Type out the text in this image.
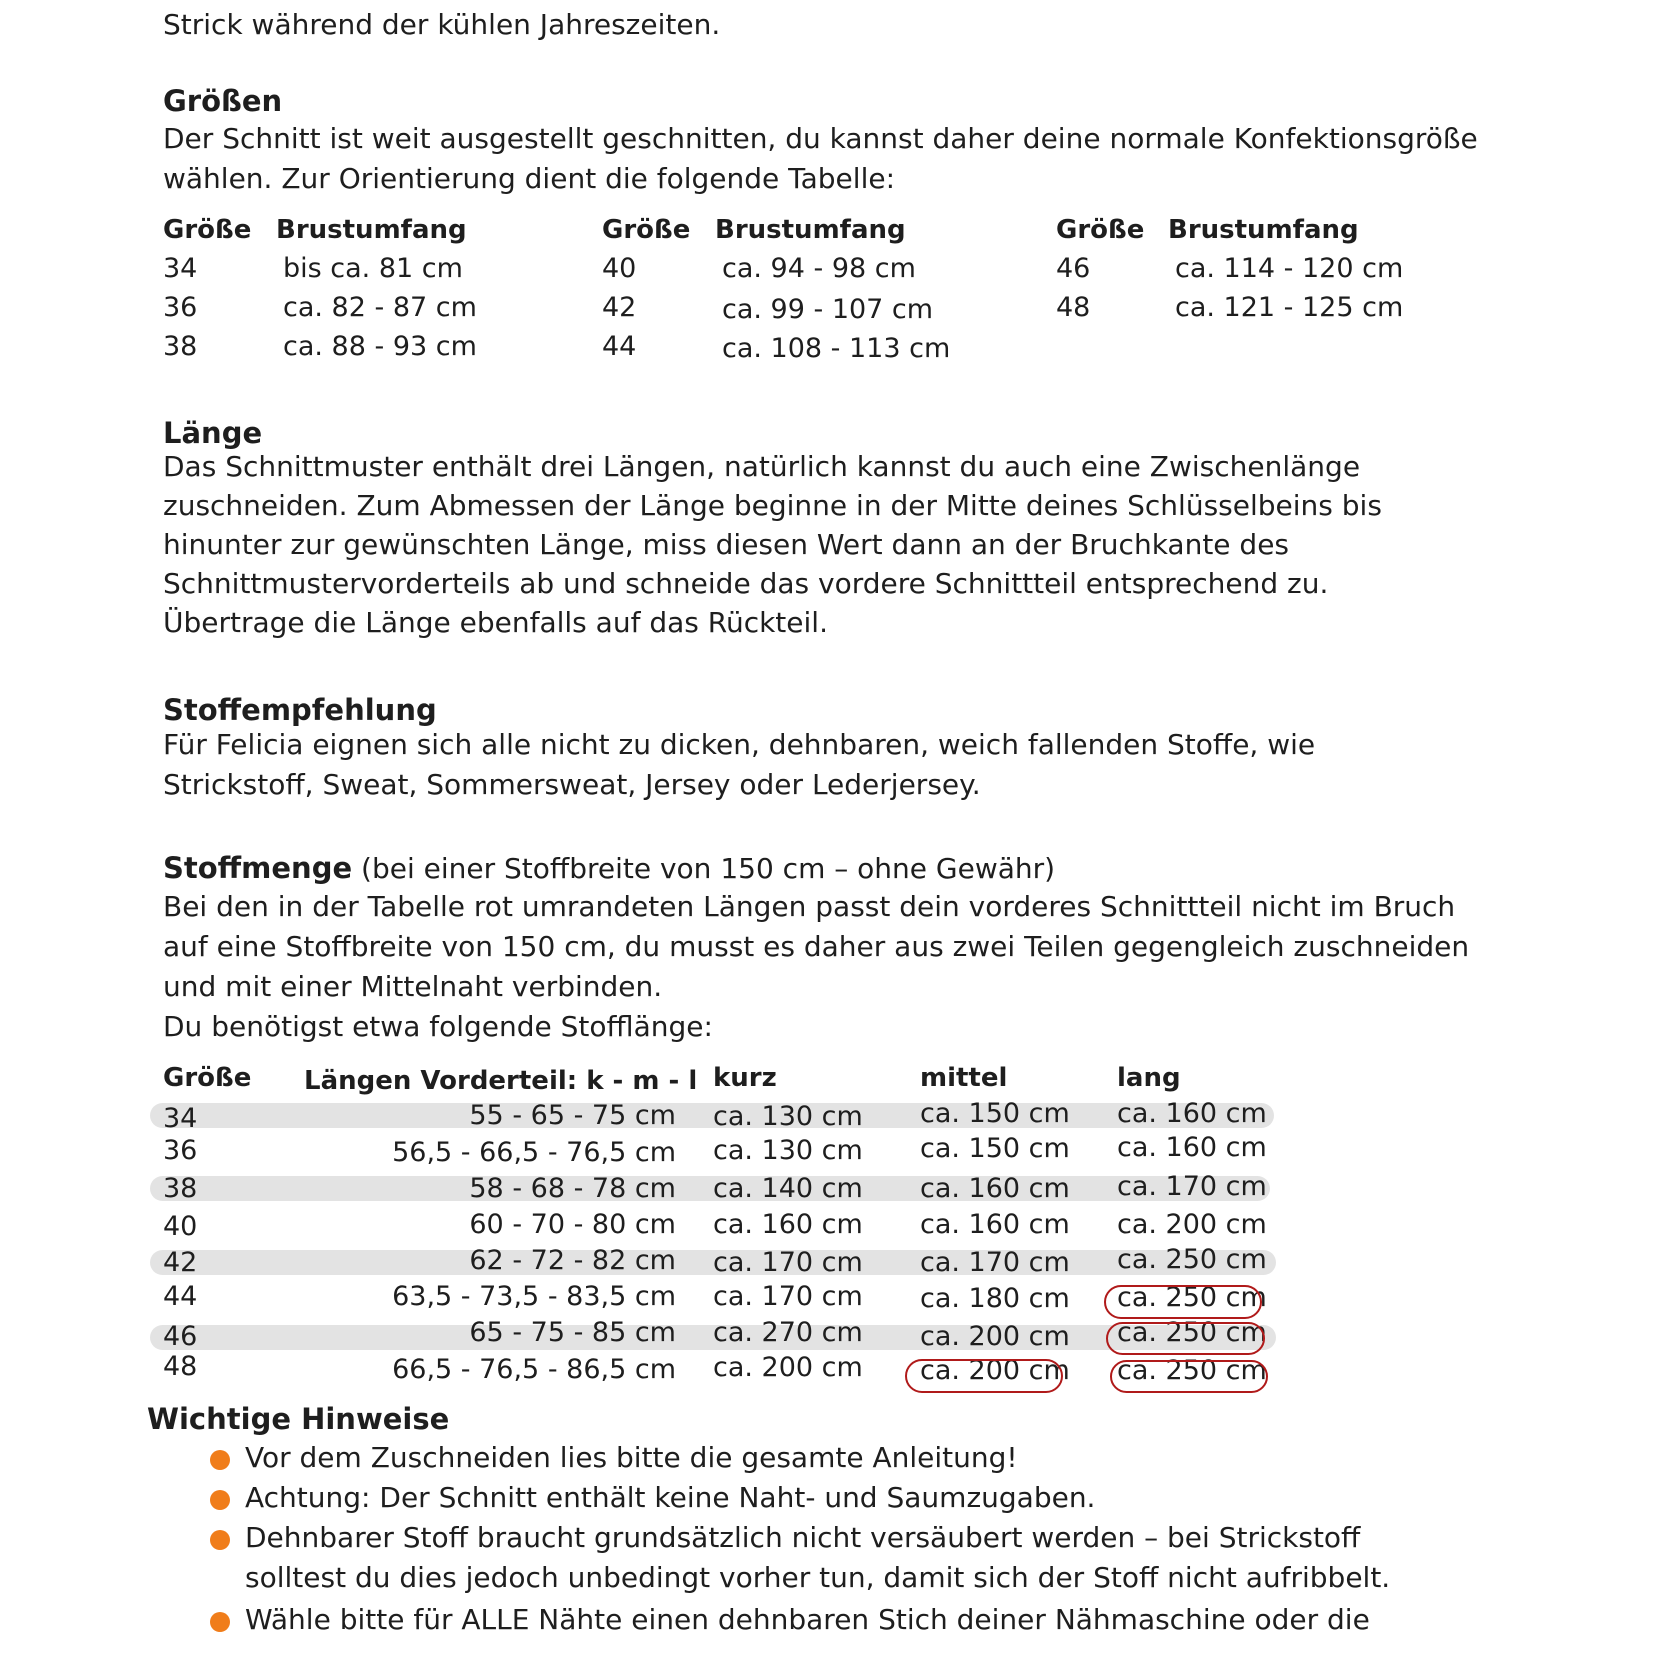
Strick während der kühlen Jahreszeiten.
Größen
Der Schnitt ist weit ausgestellt geschnitten, du kannst daher deine normale Konfektionsgröße
wählen. Zur Orientierung dient die folgende Tabelle:
Größe Brustumfang	Größe Brustumfang	Größe Brustumfang
34	bis ca. 81 cm
36	ca. 82 - 87 cm
38	ca. 88 - 93 cm
40	ca. 94 - 98 cm
42	ca. 99 - 107 cm
44	ca. 108 - 113 cm
46	ca. 114 - 120 cm
48	ca. 121 - 125 cm
Länge
Das Schnittmuster enthält drei Längen, natürlich kannst du auch eine Zwischenlänge
zuschneiden. Zum Abmessen der Länge beginne in der Mitte deines Schlüsselbeins bis
hinunter zur gewünschten Länge, miss diesen Wert dann an der Bruchkante des
Schnittmustervorderteils ab und schneide das vordere Schnittteil entsprechend zu.
Übertrage die Länge ebenfalls auf das Rückteil.
Stoffempfehlung
Für Felicia eignen sich alle nicht zu dicken, dehnbaren, weich fallenden Stoffe, wie
Strickstoff, Sweat, Sommersweat, Jersey oder Lederjersey.
Stoffmenge (bei einer Stoffbreite von 150 cm – ohne Gewähr)
Bei den in der Tabelle rot umrandeten Längen passt dein vorderes Schnittteil nicht im Bruch
auf eine Stoffbreite von 150 cm, du musst es daher aus zwei Teilen gegengleich zuschneiden
und mit einer Mittelnaht verbinden.
Du benötigst etwa folgende Stofflänge:
Größe Längen Vorderteil: k - m - l kurz	mittel	lang
34	55 - 65 - 75 cm ca. 130 cm ca. 150 cm ca. 160 cm
36	56,5 - 66,5 - 76,5 cm ca. 130 cm ca. 150 cm ca. 160 cm
38	58 - 68 - 78 cm ca. 140 cm ca. 160 cm ca. 170 cm
40	60 - 70 - 80 cm ca. 160 cm ca. 160 cm ca. 200 cm
42	62 - 72 - 82 cm ca. 170 cm ca. 170 cm ca. 250 cm
44	63,5 - 73,5 - 83,5 cm ca. 170 cm ca. 180 cm ca. 250 cm
46	65 - 75 - 85 cm ca. 270 cm ca. 200 cm ca. 250 cm
48	66,5 - 76,5 - 86,5 cm ca. 200 cm ca. 200 cm ca. 250 cm
Wichtige Hinweise
Vor dem Zuschneiden lies bitte die gesamte Anleitung!
Achtung: Der Schnitt enthält keine Naht- und Saumzugaben.
Dehnbarer Stoff braucht grundsätzlich nicht versäubert werden – bei Strickstoff
solltest du dies jedoch unbedingt vorher tun, damit sich der Stoff nicht aufribbelt.
Wähle bitte für ALLE Nähte einen dehnbaren Stich deiner Nähmaschine oder die
